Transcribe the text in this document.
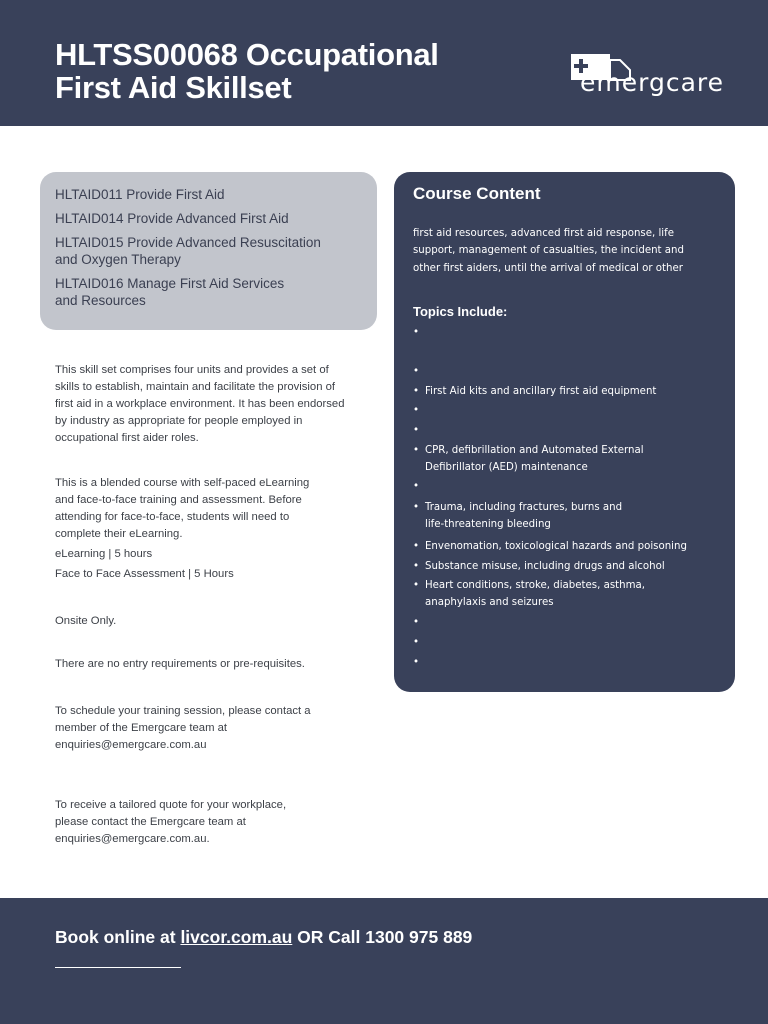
HLTSS00068 Occupational
First Aid Skillset	emergcare
HLTAID011 Provide First Aid
HLTAID014 Provide Advanced First Aid
HLTAID015 Provide Advanced Resuscitation
and Oxygen Therapy
HLTAID016 Manage First Aid Services
and Resources
This skill set comprises four units and provides a set of
skills to establish, maintain and facilitate the provision of
first aid in a workplace environment. It has been endorsed
by industry as appropriate for people employed in
occupational first aider roles.
This is a blended course with self-paced eLearning
and face-to-face training and assessment. Before
attending for face-to-face, students will need to
complete their eLearning.
eLearning | 5 hours
Face to Face Assessment | 5 Hours
Onsite Only.
There are no entry requirements or pre-requisites.
To schedule your training session, please contact a
member of the Emergcare team at
enquiries@emergcare.com.au
To receive a tailored quote for your workplace,
please contact the Emergcare team at
enquiries@emergcare.com.au.
Course Content
first aid resources, advanced first aid response, life
support, management of casualties, the incident and
other first aiders, until the arrival of medical or other
Topics Include:
•
•
• First Aid kits and ancillary first aid equipment
•
•
• CPR, defibrillation and Automated External
Defibrillator (AED) maintenance
•
• Trauma, including fractures, burns and
life-threatening bleeding
• Envenomation, toxicological hazards and poisoning
• Substance misuse, including drugs and alcohol
• Heart conditions, stroke, diabetes, asthma,
anaphylaxis and seizures
•
•
•
Book online at livcor.com.au OR Call 1300 975 889
